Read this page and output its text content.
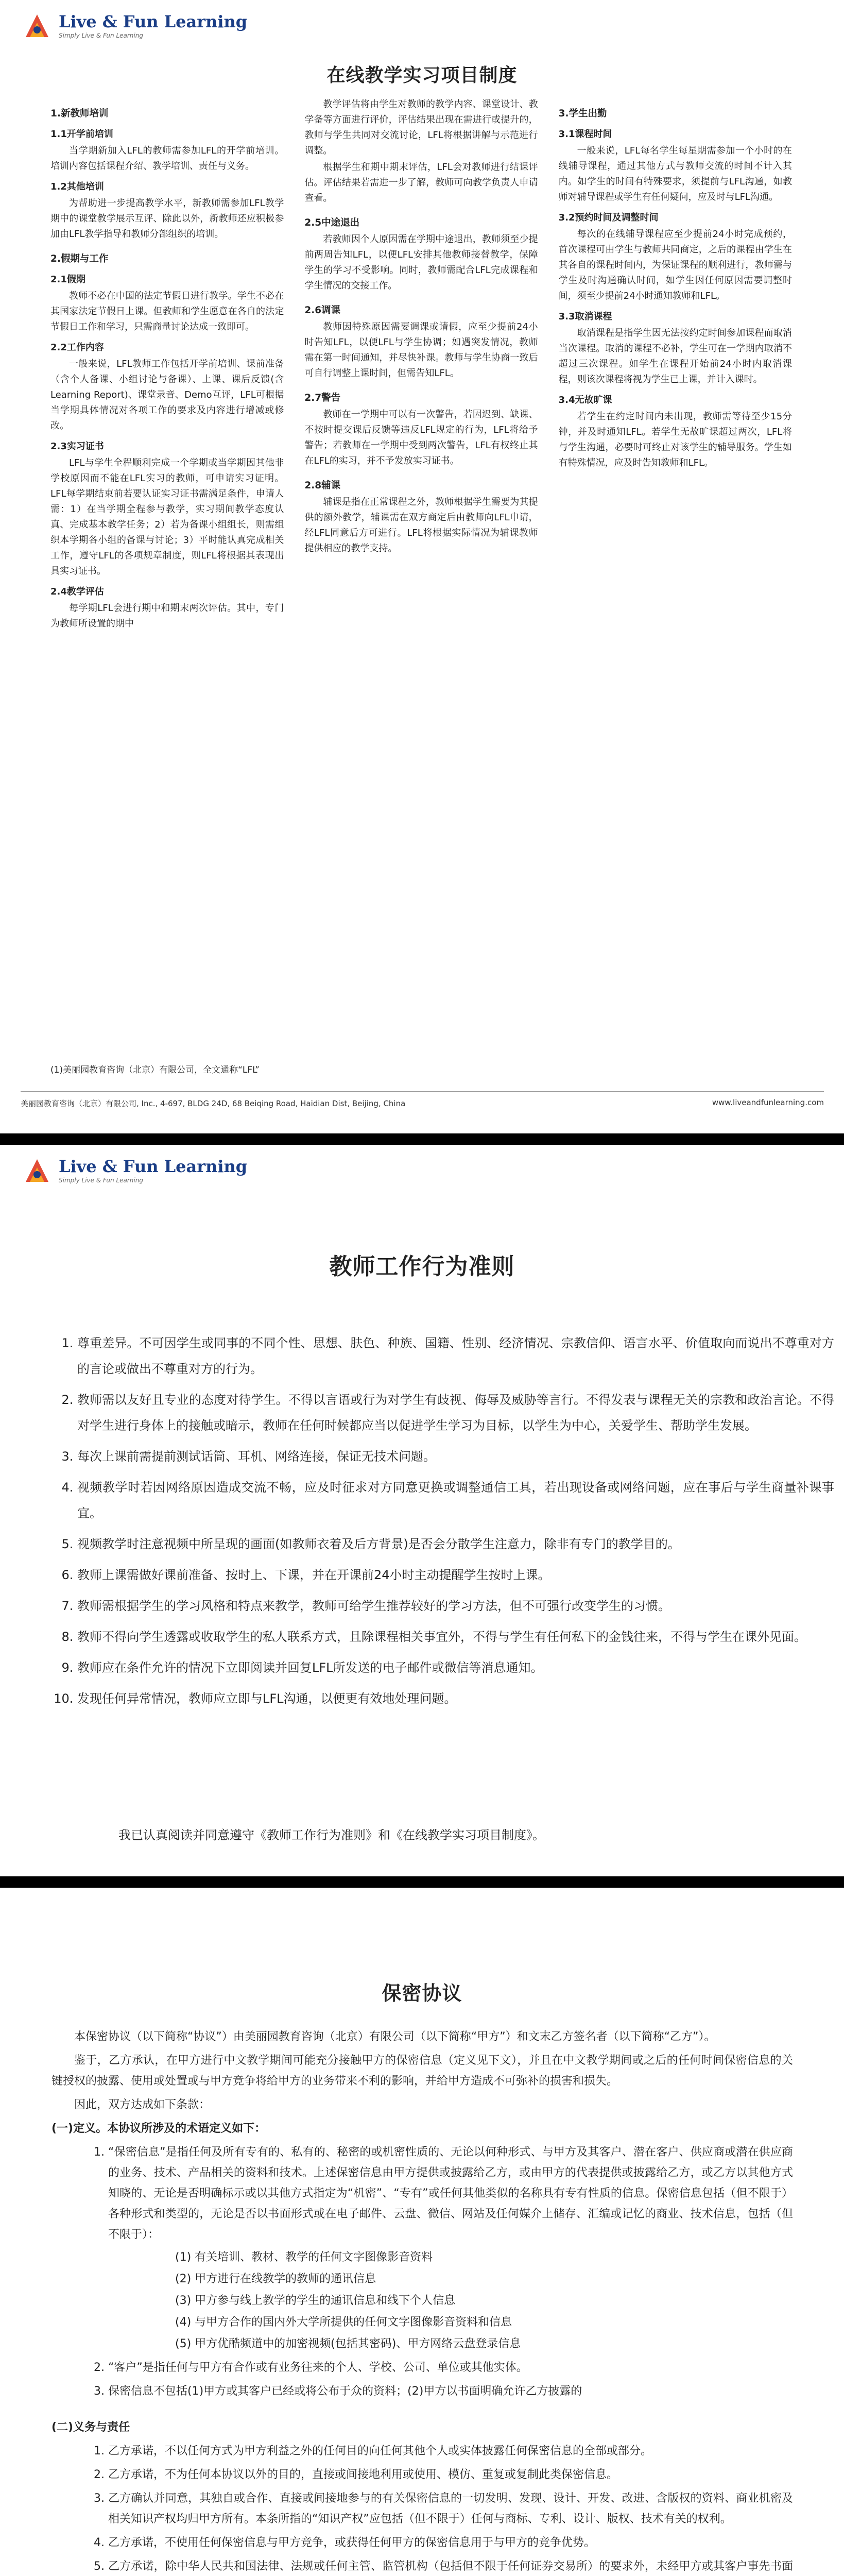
Live & Fun Learning
Simply Live & Fun Learning
在线教学实习项目制度
1.新教师培训
1.1开学前培训

当学期新加入LFL的教师需参加LFL的开学前培训。培训内容包括课程介绍、教学培训、责任与义务。

1.2其他培训

为帮助进一步提高教学水平，新教师需参加LFL教学期中的课堂教学展示互评、除此以外，新教师还应积极参加由LFL教学指导和教师分部组织的培训。

2.假期与工作
2.1假期

教师不必在中国的法定节假日进行教学。学生不必在其国家法定节假日上课。但教师和学生愿意在各自的法定节假日工作和学习，只需商量讨论达成一致即可。

2.2工作内容

一般来说，LFL教师工作包括开学前培训、课前准备（含个人备课、小组讨论与备课）、上课、课后反馈(含Learning Report)、课堂录音、Demo互评，LFL可根据当学期具体情况对各项工作的要求及内容进行增减或修改。

2.3实习证书

LFL与学生全程顺利完成一个学期或当学期因其他非学校原因而不能在LFL实习的教师，可申请实习证明。LFL每学期结束前若要认证实习证书需满足条件，申请人需：1）在当学期全程参与教学，实习期间教学态度认真、完成基本教学任务；2）若为备课小组组长，则需组织本学期各小组的备课与讨论；3）平时能认真完成相关工作，遵守LFL的各项规章制度，则LFL将根据其表现出具实习证书。

2.4教学评估

每学期LFL会进行期中和期末两次评估。其中，专门为教师所设置的期中

教学评估将由学生对教师的教学内容、课堂设计、教学备等方面进行评价，评估结果出现在需进行或提升的，教师与学生共同对交流讨论，LFL将根据讲解与示范进行调整。

根据学生和期中期末评估，LFL会对教师进行结课评估。评估结果若需进一步了解，教师可向教学负责人申请查看。

2.5中途退出

若教师因个人原因需在学期中途退出，教师须至少提前两周告知LFL，以便LFL安排其他教师接替教学，保障学生的学习不受影响。同时，教师需配合LFL完成课程和学生情况的交接工作。

2.6调课

教师因特殊原因需要调课或请假，应至少提前24小时告知LFL，以便LFL与学生协调；如遇突发情况，教师需在第一时间通知，并尽快补课。教师与学生协商一致后可自行调整上课时间，但需告知LFL。

2.7警告

教师在一学期中可以有一次警告，若因迟到、缺课、不按时提交课后反馈等违反LFL规定的行为，LFL将给予警告；若教师在一学期中受到两次警告，LFL有权终止其在LFL的实习，并不予发放实习证书。

2.8辅课

辅课是指在正常课程之外，教师根据学生需要为其提供的额外教学，辅课需在双方商定后由教师向LFL申请，经LFL同意后方可进行。LFL将根据实际情况为辅课教师提供相应的教学支持。

3.学生出勤
3.1课程时间

一般来说，LFL每名学生每星期需参加一个小时的在线辅导课程，通过其他方式与教师交流的时间不计入其内。如学生的时间有特殊要求，须提前与LFL沟通，如教师对辅导课程或学生有任何疑问，应及时与LFL沟通。

3.2预约时间及调整时间

每次的在线辅导课程应至少提前24小时完成预约，首次课程可由学生与教师共同商定，之后的课程由学生在其各自的课程时间内，为保证课程的顺利进行，教师需与学生及时沟通确认时间，如学生因任何原因需要调整时间，须至少提前24小时通知教师和LFL。

3.3取消课程

取消课程是指学生因无法按约定时间参加课程而取消当次课程。取消的课程不必补，学生可在一学期内取消不超过三次课程。如学生在课程开始前24小时内取消课程，则该次课程将视为学生已上课，并计入课时。

3.4无故旷课

若学生在约定时间内未出现，教师需等待至少15分钟，并及时通知LFL。若学生无故旷课超过两次，LFL将与学生沟通，必要时可终止对该学生的辅导服务。学生如有特殊情况，应及时告知教师和LFL。

(1)美丽园教育咨询（北京）有限公司，全文通称“LFL”
美丽园教育咨询（北京）有限公司, Inc., 4-697, BLDG 24D, 68 Beiqing Road, Haidian Dist, Beijing, China	www.liveandfunlearning.com
Live & Fun Learning
Simply Live & Fun Learning
教师工作行为准则
1. 尊重差异。不可因学生或同事的不同个性、思想、肤色、种族、国籍、性别、经济情况、宗教信仰、语言水平、价值取向而说出不尊重对方的言论或做出不尊重对方的行为。
2. 教师需以友好且专业的态度对待学生。不得以言语或行为对学生有歧视、侮辱及威胁等言行。不得发表与课程无关的宗教和政治言论。不得对学生进行身体上的接触或暗示，教师在任何时候都应当以促进学生学习为目标，以学生为中心，关爱学生、帮助学生发展。
3. 每次上课前需提前测试话筒、耳机、网络连接，保证无技术问题。
4. 视频教学时若因网络原因造成交流不畅，应及时征求对方同意更换或调整通信工具，若出现设备或网络问题，应在事后与学生商量补课事宜。
5. 视频教学时注意视频中所呈现的画面(如教师衣着及后方背景)是否会分散学生注意力，除非有专门的教学目的。
6. 教师上课需做好课前准备、按时上、下课，并在开课前24小时主动提醒学生按时上课。
7. 教师需根据学生的学习风格和特点来教学，教师可给学生推荐较好的学习方法，但不可强行改变学生的习惯。
8. 教师不得向学生透露或收取学生的私人联系方式，且除课程相关事宜外，不得与学生有任何私下的金钱往来，不得与学生在课外见面。
9. 教师应在条件允许的情况下立即阅读并回复LFL所发送的电子邮件或微信等消息通知。
10. 发现任何异常情况，教师应立即与LFL沟通，以便更有效地处理问题。
我已认真阅读并同意遵守《教师工作行为准则》和《在线教学实习项目制度》。
保密协议

本保密协议（以下简称“协议”）由美丽园教育咨询（北京）有限公司（以下简称“甲方”）和文末乙方签名者（以下简称“乙方”）。

鉴于，乙方承认，在甲方进行中文教学期间可能充分接触甲方的保密信息（定义见下文），并且在中文教学期间或之后的任何时间保密信息的关键授权的披露、使用或处置或与甲方竞争将给甲方的业务带来不利的影响，并给甲方造成不可弥补的损害和损失。

因此，双方达成如下条款：

(一)定义。本协议所涉及的术语定义如下：

1. “保密信息”是指任何及所有专有的、私有的、秘密的或机密性质的、无论以何种形式、与甲方及其客户、潜在客户、供应商或潜在供应商的业务、技术、产品相关的资料和技术。上述保密信息由甲方提供或披露给乙方，或由甲方的代表提供或披露给乙方，或乙方以其他方式知晓的、无论是否明确标示或以其他方式指定为“机密”、“专有”或任何其他类似的名称具有专有性质的信息。保密信息包括（但不限于）各种形式和类型的，无论是否以书面形式或在电子邮件、云盘、微信、网站及任何媒介上储存、汇编或记忆的商业、技术信息，包括（但不限于）：
(1) 有关培训、教材、教学的任何文字图像影音资料
(2) 甲方进行在线教学的教师的通讯信息
(3) 甲方参与线上教学的学生的通讯信息和线下个人信息
(4) 与甲方合作的国内外大学所提供的任何文字图像影音资料和信息
(5) 甲方优酷频道中的加密视频(包括其密码)、甲方网络云盘登录信息
2. “客户”是指任何与甲方有合作或有业务往来的个人、学校、公司、单位或其他实体。
3. 保密信息不包括(1)甲方或其客户已经或将公布于众的资料；(2)甲方以书面明确允许乙方披露的

(二)义务与责任

1. 乙方承诺，不以任何方式为甲方利益之外的任何目的向任何其他个人或实体披露任何保密信息的全部或部分。
2. 乙方承诺，不为任何本协议以外的目的，直接或间接地利用或使用、模仿、重复或复制此类保密信息。
3. 乙方确认并同意，其独自或合作、直接或间接地参与的有关保密信息的一切发明、发现、设计、开发、改进、含版权的资料、商业机密及相关知识产权均归甲方所有。本条所指的“知识产权”应包括（但不限于）任何与商标、专利、设计、版权、技术有关的权利。
4. 乙方承诺，不使用任何保密信息与甲方竞争，或获得任何甲方的保密信息用于与甲方的竞争优势。
5. 乙方承诺，除中华人民共和国法律、法规或任何主管、监管机构（包括但不限于任何证券交易所）的要求外，未经甲方或其客户事先书面
